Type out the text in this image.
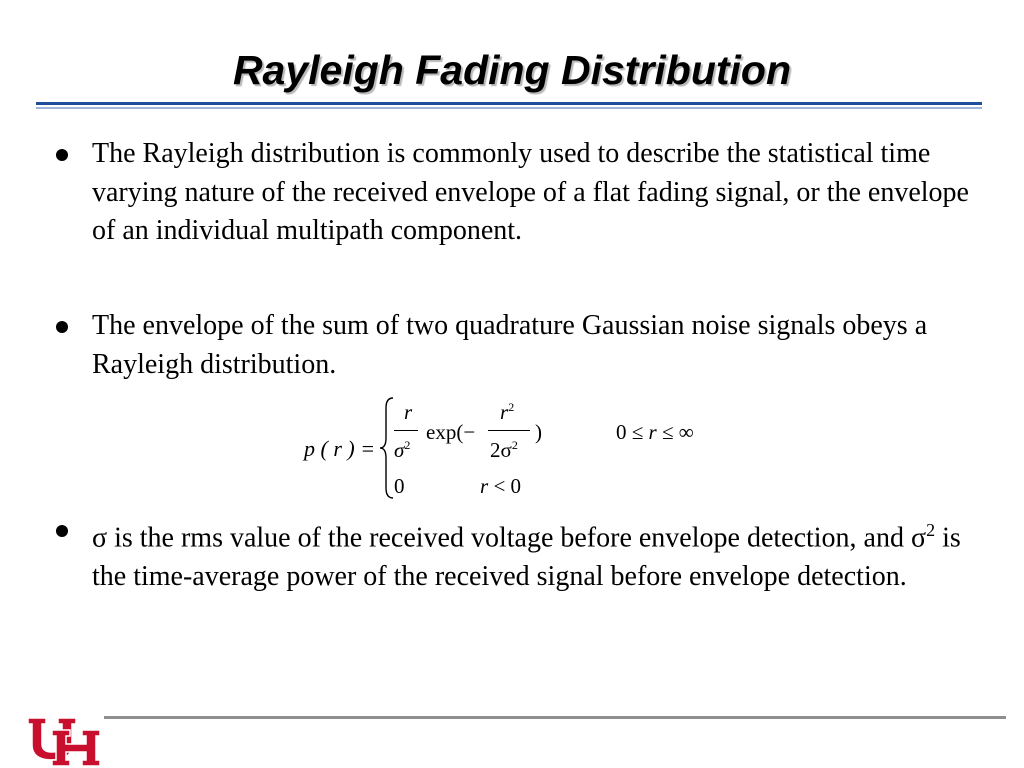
Rayleigh Fading Distribution
The Rayleigh distribution is commonly used to describe the statistical time varying nature of the received envelope of a flat fading signal, or the envelope of an individual multipath component.
The envelope of the sum of two quadrature Gaussian noise signals obeys a Rayleigh distribution.
σ is the rms value of the received voltage before envelope detection, and $\sigma^2$ is the time-average power of the received signal before envelope detection.
p ( r ) =
r
$\sigma^2$
exp(−
$r^2$
$2\sigma^2$
)	0 ≤ r ≤ ∞
0	r < 0
